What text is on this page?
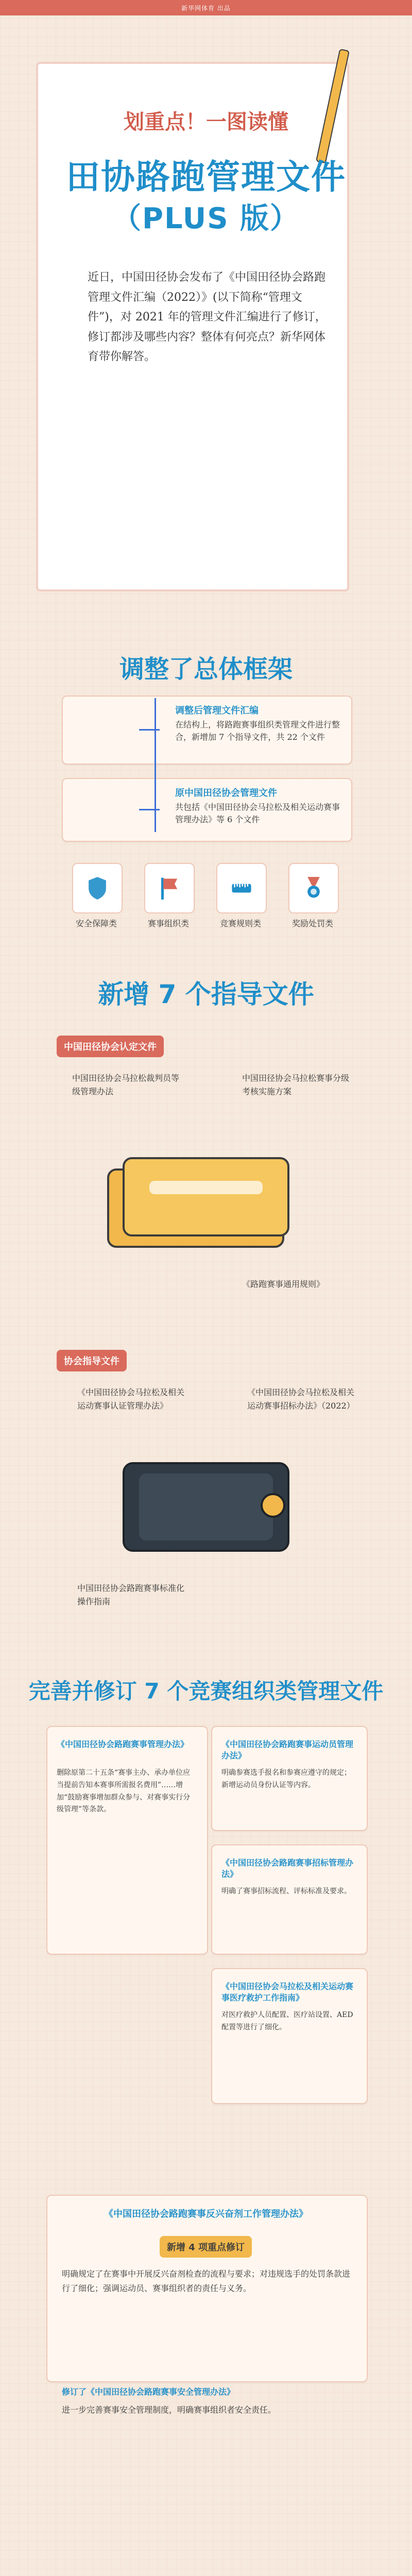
新华网体育 出品
划重点！一图读懂
田协路跑管理文件
（PLUS 版）
近日，中国田径协会发布了《中国田径协会路跑管理文件汇编（2022）》(以下简称“管理文件”)，对 2021 年的管理文件汇编进行了修订，修订都涉及哪些内容？整体有何亮点？新华网体育带你解答。
调整了总体框架
调整后管理文件汇编
在结构上，将路跑赛事组织类管理文件进行整合，新增加 7 个指导文件，共 22 个文件
原中国田径协会管理文件
共包括《中国田径协会马拉松及相关运动赛事管理办法》等 6 个文件
安全保障类	赛事组织类	竞赛规则类	奖励处罚类
新增 7 个指导文件
中国田径协会认定文件
中国田径协会马拉松裁判员等级管理办法
中国田径协会马拉松赛事分级考核实施方案
《路跑赛事通用规则》
协会指导文件
《中国田径协会马拉松及相关运动赛事认证管理办法》
《中国田径协会马拉松及相关运动赛事招标办法》（2022）
中国田径协会路跑赛事标准化操作指南
完善并修订 7 个竞赛组织类管理文件
《中国田径协会路跑赛事管理办法》
删除原第二十五条“赛事主办、承办单位应当提前告知本赛事所需报名费用”……增加“鼓励赛事增加群众参与、对赛事实行分级管理”等条款。
《中国田径协会路跑赛事运动员管理办法》
明确参赛选手报名和参赛应遵守的规定；新增运动员身份认证等内容。
《中国田径协会路跑赛事招标管理办法》
明确了赛事招标流程、评标标准及要求。
《中国田径协会马拉松及相关运动赛事医疗救护工作指南》
对医疗救护人员配置、医疗站设置、AED 配置等进行了细化。
《中国田径协会路跑赛事反兴奋剂工作管理办法》
新增 4 项重点修订
明确规定了在赛事中开展反兴奋剂检查的流程与要求；对违规选手的处罚条款进行了细化；强调运动员、赛事组织者的责任与义务。
修订了《中国田径协会路跑赛事安全管理办法》
进一步完善赛事安全管理制度，明确赛事组织者安全责任。
